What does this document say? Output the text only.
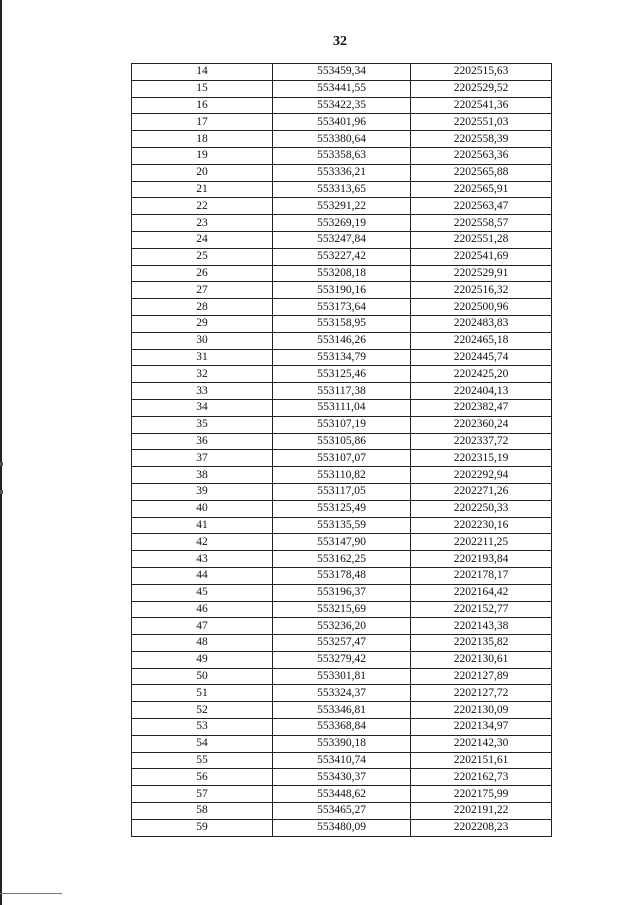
32
14	553459,34	2202515,63
15	553441,55	2202529,52
16	553422,35	2202541,36
17	553401,96	2202551,03
18	553380,64	2202558,39
19	553358,63	2202563,36
20	553336,21	2202565,88
21	553313,65	2202565,91
22	553291,22	2202563,47
23	553269,19	2202558,57
24	553247,84	2202551,28
25	553227,42	2202541,69
26	553208,18	2202529,91
27	553190,16	2202516,32
28	553173,64	2202500,96
29	553158,95	2202483,83
30	553146,26	2202465,18
31	553134,79	2202445,74
32	553125,46	2202425,20
33	553117,38	2202404,13
34	553111,04	2202382,47
35	553107,19	2202360,24
36	553105,86	2202337,72
37	553107,07	2202315,19
38	553110,82	2202292,94
39	553117,05	2202271,26
40	553125,49	2202250,33
41	553135,59	2202230,16
42	553147,90	2202211,25
43	553162,25	2202193,84
44	553178,48	2202178,17
45	553196,37	2202164,42
46	553215,69	2202152,77
47	553236,20	2202143,38
48	553257,47	2202135,82
49	553279,42	2202130,61
50	553301,81	2202127,89
51	553324,37	2202127,72
52	553346,81	2202130,09
53	553368,84	2202134,97
54	553390,18	2202142,30
55	553410,74	2202151,61
56	553430,37	2202162,73
57	553448,62	2202175,99
58	553465,27	2202191,22
59	553480,09	2202208,23
